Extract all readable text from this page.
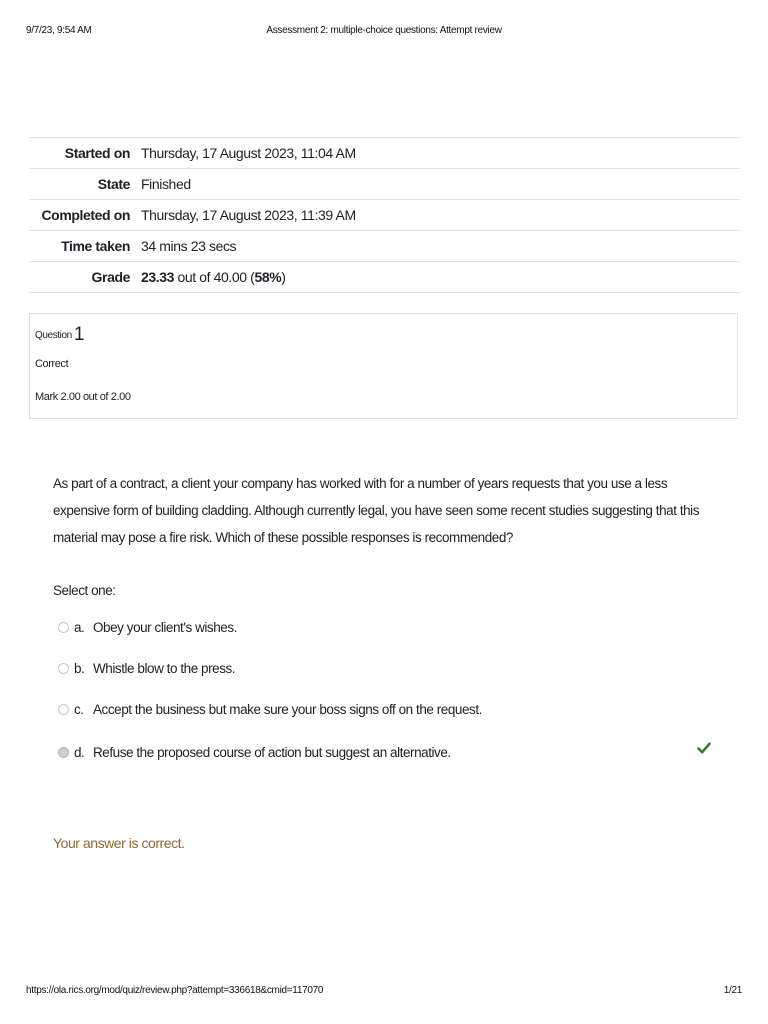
9/7/23, 9:54 AM	Assessment 2: multiple-choice questions: Attempt review
Started on	Thursday, 17 August 2023, 11:04 AM
State	Finished
Completed on	Thursday, 17 August 2023, 11:39 AM
Time taken	34 mins 23 secs
Grade	23.33 out of 40.00 (58%)
Question 1
Correct
Mark 2.00 out of 2.00
As part of a contract, a client your company has worked with for a number of years requests that you use a less expensive form of building cladding. Although currently legal, you have seen some recent studies suggesting that this material may pose a fire risk. Which of these possible responses is recommended?
Select one:
a. Obey your client's wishes.
b. Whistle blow to the press.
c. Accept the business but make sure your boss signs off on the request.
d. Refuse the proposed course of action but suggest an alternative.
Your answer is correct.
https://ola.rics.org/mod/quiz/review.php?attempt=336618&cmid=117070	1/21
